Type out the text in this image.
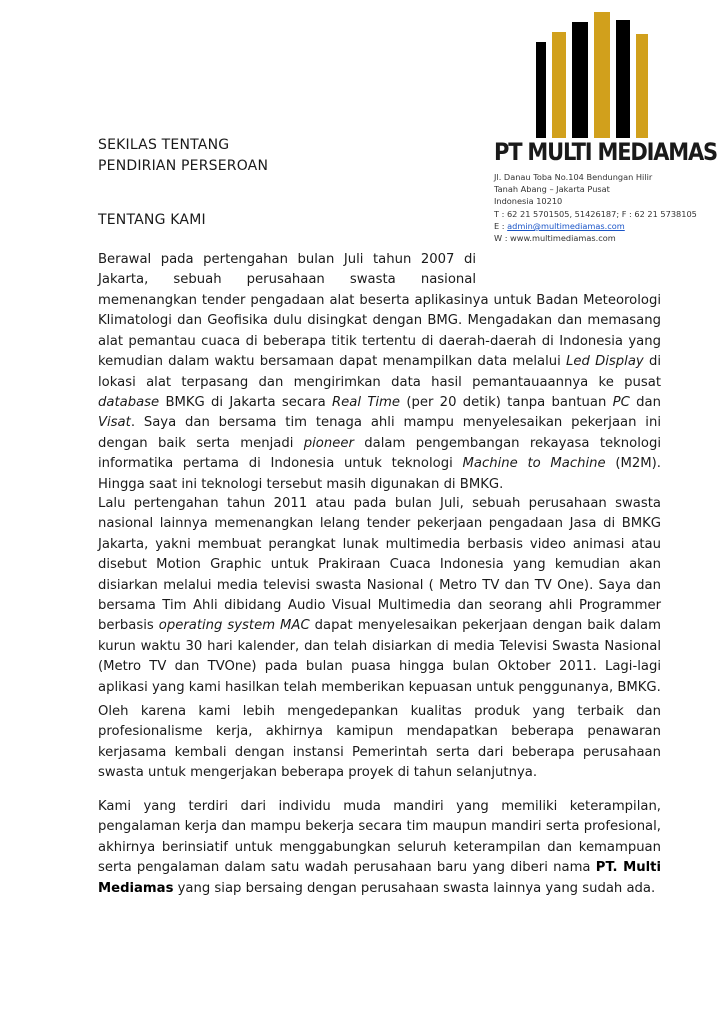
PT MULTI MEDIAMAS
Jl. Danau Toba No.104 Bendungan Hilir
Tanah Abang – Jakarta Pusat
Indonesia 10210
T : 62 21 5701505, 51426187; F : 62 21 5738105
E : admin@multimediamas.com
W : www.multimediamas.com
SEKILAS TENTANG
PENDIRIAN PERSEROAN
TENTANG KAMI
Berawal pada pertengahan bulan Juli tahun 2007 di
Jakarta, sebuah perusahaan swasta nasional
memenangkan tender pengadaan alat beserta aplikasinya untuk Badan Meteorologi Klimatologi dan Geofisika dulu disingkat dengan BMG. Mengadakan dan memasang alat pemantau cuaca di beberapa titik tertentu di daerah-daerah di Indonesia yang kemudian dalam waktu bersamaan dapat menampilkan data melalui Led Display di lokasi alat terpasang dan mengirimkan data hasil pemantauaannya ke pusat database BMKG di Jakarta secara Real Time (per 20 detik) tanpa bantuan PC dan Visat. Saya dan bersama tim tenaga ahli mampu menyelesaikan pekerjaan ini dengan baik serta menjadi pioneer dalam pengembangan rekayasa teknologi informatika pertama di Indonesia untuk teknologi Machine to Machine (M2M). Hingga saat ini teknologi tersebut masih digunakan di BMKG.
Lalu pertengahan tahun 2011 atau pada bulan Juli, sebuah perusahaan swasta nasional lainnya memenangkan lelang tender pekerjaan pengadaan Jasa di BMKG Jakarta, yakni membuat perangkat lunak multimedia berbasis video animasi atau disebut Motion Graphic untuk Prakiraan Cuaca Indonesia yang kemudian akan disiarkan melalui media televisi swasta Nasional ( Metro TV dan TV One). Saya dan bersama Tim Ahli dibidang Audio Visual Multimedia dan seorang ahli Programmer berbasis operating system MAC dapat menyelesaikan pekerjaan dengan baik dalam kurun waktu 30 hari kalender, dan telah disiarkan di media Televisi Swasta Nasional (Metro TV dan TVOne) pada bulan puasa hingga bulan Oktober 2011. Lagi-lagi aplikasi yang kami hasilkan telah memberikan kepuasan untuk penggunanya, BMKG.
Oleh karena kami lebih mengedepankan kualitas produk yang terbaik dan profesionalisme kerja, akhirnya kamipun mendapatkan beberapa penawaran kerjasama kembali dengan instansi Pemerintah serta dari beberapa perusahaan swasta untuk mengerjakan beberapa proyek di tahun selanjutnya.
Kami yang terdiri dari individu muda mandiri yang memiliki keterampilan, pengalaman kerja dan mampu bekerja secara tim maupun mandiri serta profesional, akhirnya berinsiatif untuk menggabungkan seluruh keterampilan dan kemampuan serta pengalaman dalam satu wadah perusahaan baru yang diberi nama PT. Multi Mediamas yang siap bersaing dengan perusahaan swasta lainnya yang sudah ada.
